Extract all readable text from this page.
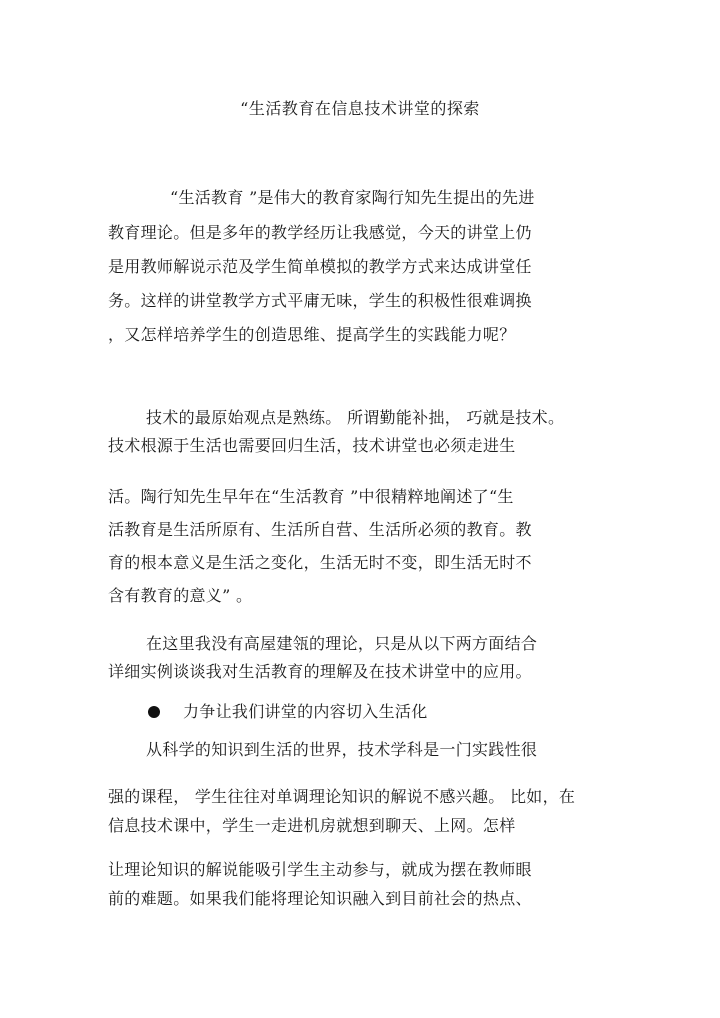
“生活教育在信息技术讲堂的探索
“生活教育 ”是伟大的教育家陶行知先生提出的先进
教育理论。但是多年的教学经历让我感觉，今天的讲堂上仍
是用教师解说示范及学生简单模拟的教学方式来达成讲堂任
务。这样的讲堂教学方式平庸无味，学生的积极性很难调换
，又怎样培养学生的创造思维、提高学生的实践能力呢？
技术的最原始观点是熟练。 所谓勤能补拙， 巧就是技术。
技术根源于生活也需要回归生活，技术讲堂也必须走进生
活。陶行知先生早年在“生活教育 ”中很精粹地阐述了“生
活教育是生活所原有、生活所自营、生活所必须的教育。教
育的根本意义是生活之变化，生活无时不变，即生活无时不
含有教育的意义” 。
在这里我没有高屋建瓴的理论，只是从以下两方面结合
详细实例谈谈我对生活教育的理解及在技术讲堂中的应用。
力争让我们讲堂的内容切入生活化
从科学的知识到生活的世界，技术学科是一门实践性很
强的课程， 学生往往对单调理论知识的解说不感兴趣。 比如，在
信息技术课中，学生一走进机房就想到聊天、上网。怎样
让理论知识的解说能吸引学生主动参与，就成为摆在教师眼
前的难题。如果我们能将理论知识融入到目前社会的热点、
